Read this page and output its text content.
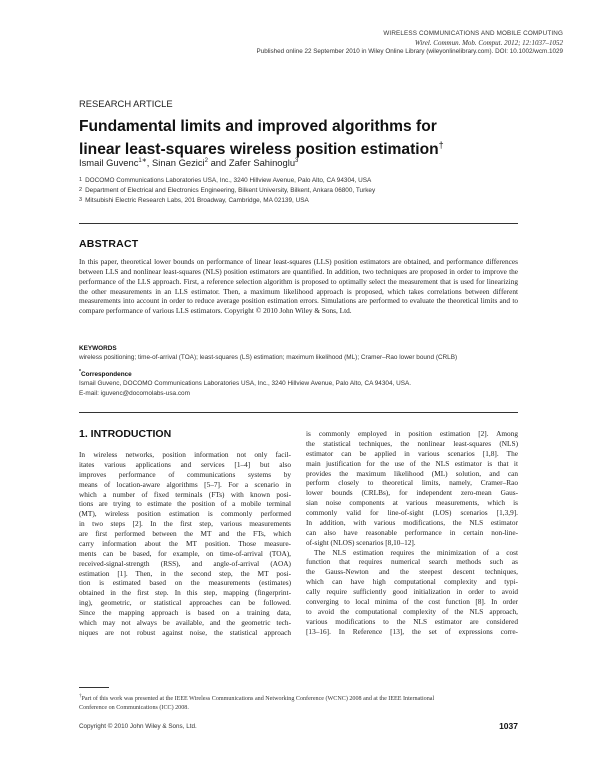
WIRELESS COMMUNICATIONS AND MOBILE COMPUTING
Wirel. Commun. Mob. Comput. 2012; 12:1037–1052
Published online 22 September 2010 in Wiley Online Library (wileyonlinelibrary.com). DOI: 10.1002/wcm.1029
RESEARCH ARTICLE
Fundamental limits and improved algorithms for
linear least-squares wireless position estimation†
Ismail Guvenc$^{1∗}$, Sinan Gezici$^2$ and Zafer Sahinoglu$^3$
$^1$ DOCOMO Communications Laboratories USA, Inc., 3240 Hillview Avenue, Palo Alto, CA 94304, USA
$^2$ Department of Electrical and Electronics Engineering, Bilkent University, Bilkent, Ankara 06800, Turkey
$^3$ Mitsubishi Electric Research Labs, 201 Broadway, Cambridge, MA 02139, USA
ABSTRACT
In this paper, theoretical lower bounds on performance of linear least-squares (LLS) position estimators are obtained, and performance differences between LLS and nonlinear least-squares (NLS) position estimators are quantified. In addition, two techniques are proposed in order to improve the performance of the LLS approach. First, a reference selection algorithm is proposed to optimally select the measurement that is used for linearizing the other measurements in an LLS estimator. Then, a maximum likelihood approach is proposed, which takes correlations between different measurements into account in order to reduce average position estimation errors. Simulations are performed to evaluate the theoretical limits and to compare performance of various LLS estimators. Copyright © 2010 John Wiley & Sons, Ltd.
KEYWORDS
wireless positioning; time-of-arrival (TOA); least-squares (LS) estimation; maximum likelihood (ML); Cramer–Rao lower bound (CRLB)
*Correspondence
Ismail Guvenc, DOCOMO Communications Laboratories USA, Inc., 3240 Hillview Avenue, Palo Alto, CA 94304, USA.
E-mail: iguvenc@docomolabs-usa.com
1. INTRODUCTION
In wireless networks, position information not only facil-
itates various applications and services [1–4] but also
improves performance of communications systems by
means of location-aware algorithms [5–7]. For a scenario in
which a number of fixed terminals (FTs) with known posi-
tions are trying to estimate the position of a mobile terminal
(MT), wireless position estimation is commonly performed
in two steps [2]. In the first step, various measurements
are first performed between the MT and the FTs, which
carry information about the MT position. Those measure-
ments can be based, for example, on time-of-arrival (TOA),
received-signal-strength (RSS), and angle-of-arrival (AOA)
estimation [1]. Then, in the second step, the MT posi-
tion is estimated based on the measurements (estimates)
obtained in the first step. In this step, mapping (fingerprint-
ing), geometric, or statistical approaches can be followed.
Since the mapping approach is based on a training data,
which may not always be available, and the geometric tech-
niques are not robust against noise, the statistical approach
is commonly employed in position estimation [2]. Among
the statistical techniques, the nonlinear least-squares (NLS)
estimator can be applied in various scenarios [1,8]. The
main justification for the use of the NLS estimator is that it
provides the maximum likelihood (ML) solution, and can
perform closely to theoretical limits, namely, Cramer–Rao
lower bounds (CRLBs), for independent zero-mean Gaus-
sian noise components at various measurements, which is
commonly valid for line-of-sight (LOS) scenarios [1,3,9].
In addition, with various modifications, the NLS estimator
can also have reasonable performance in certain non-line-
of-sight (NLOS) scenarios [8,10–12].
The NLS estimation requires the minimization of a cost
function that requires numerical search methods such as
the Gauss-Newton and the steepest descent techniques,
which can have high computational complexity and typi-
cally require sufficiently good initialization in order to avoid
converging to local minima of the cost function [8]. In order
to avoid the computational complexity of the NLS approach,
various modifications to the NLS estimator are considered
[13–16]. In Reference [13], the set of expressions corre-
†Part of this work was presented at the IEEE Wireless Communications and Networking Conference (WCNC) 2008 and at the IEEE International
Conference on Communications (ICC) 2008.
Copyright © 2010 John Wiley & Sons, Ltd.	1037
